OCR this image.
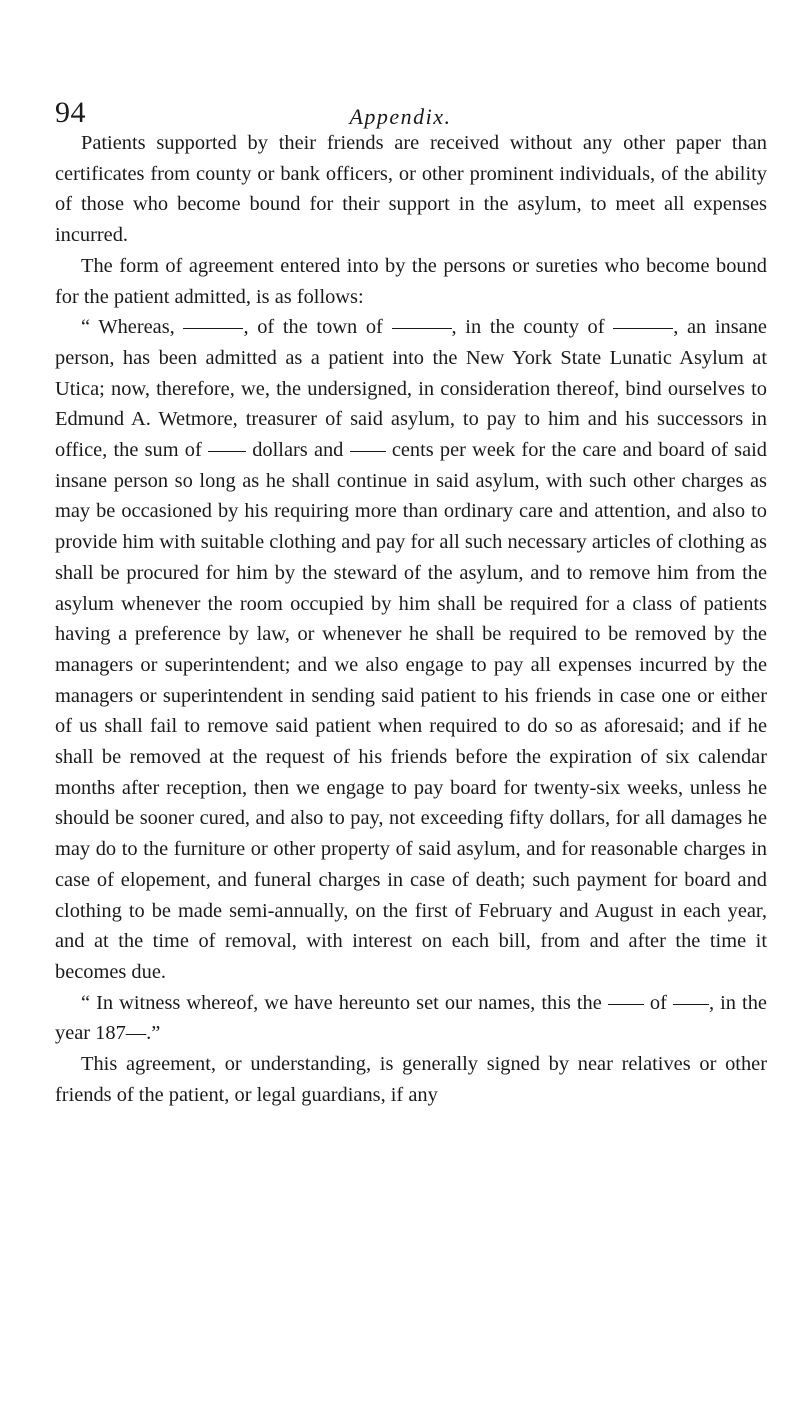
94	Appendix.

Patients supported by their friends are received without any other paper than certificates from county or bank officers, or other prominent individuals, of the ability of those who become bound for their support in the asylum, to meet all expenses incurred.

The form of agreement entered into by the persons or sureties who become bound for the patient admitted, is as follows:

“ Whereas,	, of the town of	, in the county of	, an insane person, has been admitted as a patient into the New York State Lunatic Asylum at Utica; now, therefore, we, the undersigned, in consideration thereof, bind ourselves to Edmund A. Wetmore, treasurer of said asylum, to pay to him and his successors in office, the sum of dollars and cents per week for the care and board of said insane person so long as he shall continue in said asylum, with such other charges as may be occasioned by his requiring more than ordinary care and attention, and also to provide him with suitable clothing and pay for all such necessary articles of clothing as shall be procured for him by the steward of the asylum, and to remove him from the asylum whenever the room occupied by him shall be required for a class of patients having a preference by law, or whenever he shall be required to be removed by the managers or superintendent; and we also engage to pay all expenses incurred by the managers or superintendent in sending said patient to his friends in case one or either of us shall fail to remove said patient when required to do so as aforesaid; and if he shall be removed at the request of his friends before the expiration of six calendar months after reception, then we engage to pay board for twenty-six weeks, unless he should be sooner cured, and also to pay, not exceeding fifty dollars, for all damages he may do to the furniture or other property of said asylum, and for reasonable charges in case of elopement, and funeral charges in case of death; such payment for board and clothing to be made semi-annually, on the first of February and August in each year, and at the time of removal, with interest on each bill, from and after the time it becomes due.

“ In witness whereof, we have hereunto set our names, this the of , in the year 187—.”

This agreement, or understanding, is generally signed by near relatives or other friends of the patient, or legal guardians, if any
